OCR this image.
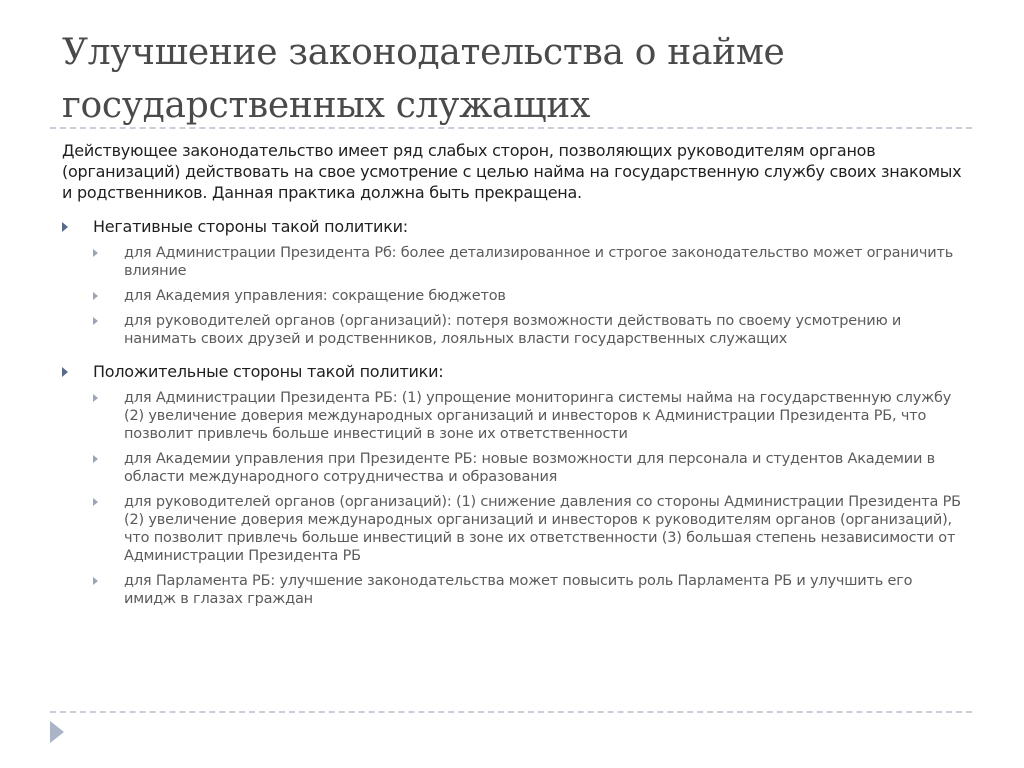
Улучшение законодательства о найме
государственных служащих

Действующее законодательство имеет ряд слабых сторон, позволяющих руководителям органов (организаций) действовать на свое усмотрение с целью найма на государственную службу своих знакомых и родственников. Данная практика должна быть прекращена.

Негативные стороны такой политики:
для Администрации Президента Рб: более детализированное и строгое законодательство может ограничить влияние
для Академия управления: сокращение бюджетов
для руководителей органов (организаций): потеря возможности действовать по своему усмотрению и нанимать своих друзей и родственников, лояльных власти государственных служащих
Положительные стороны такой политики:
для Администрации Президента РБ: (1) упрощение мониторинга системы найма на государственную службу (2) увеличение доверия международных организаций и инвесторов к Администрации Президента РБ, что позволит привлечь больше инвестиций в зоне их ответственности
для Академии управления при Президенте РБ: новые возможности для персонала и студентов Академии в области международного сотрудничества и образования
для руководителей органов (организаций): (1) снижение давления со стороны Администрации Президента РБ (2) увеличение доверия международных организаций и инвесторов к руководителям органов (организаций), что позволит привлечь больше инвестиций в зоне их ответственности (3) большая степень независимости от Администрации Президента РБ
для Парламента РБ: улучшение законодательства может повысить роль Парламента РБ и улучшить его имидж в глазах граждан
